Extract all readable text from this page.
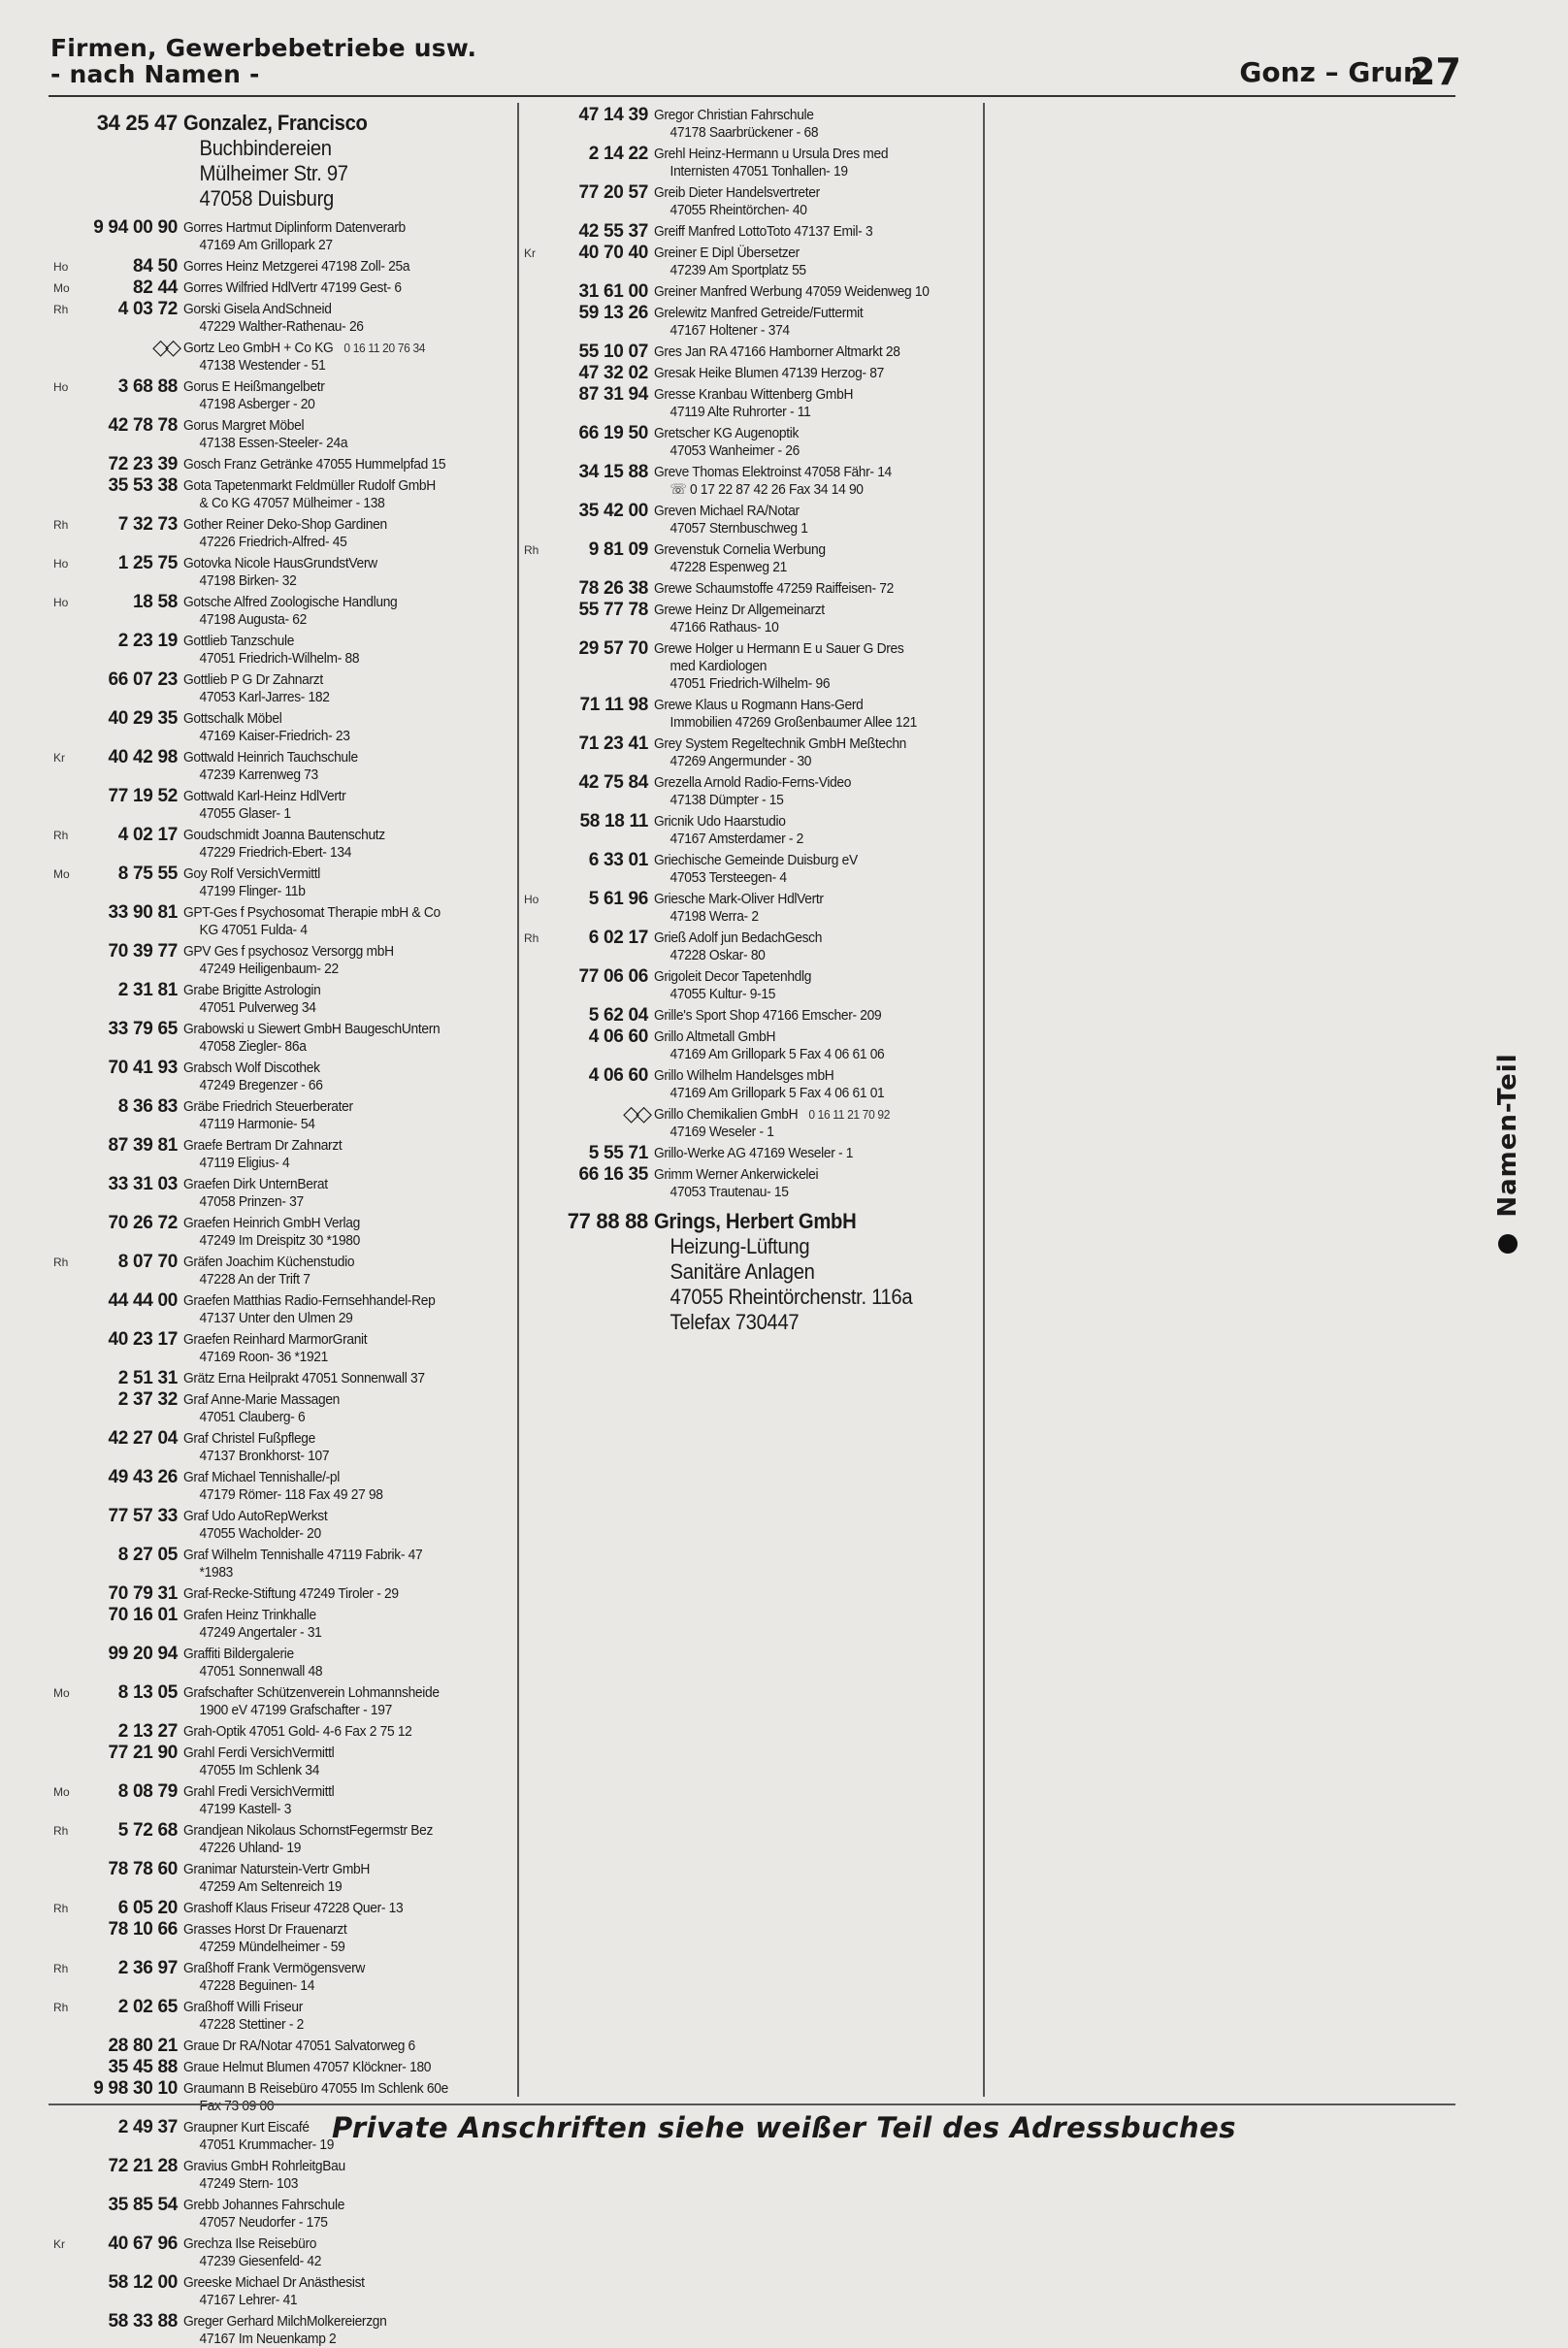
Firmen, Gewerbebetriebe usw.
- nach Namen -	Gonz – Grun
27
34 25 47 Gonzalez, Francisco
Buchbindereien
Mülheimer Str. 97
47058 Duisburg
9 94 00 90 Gorres Hartmut Diplinform Datenverarb
47169 Am Grillopark 27
Ho	84 50 Gorres Heinz Metzgerei 47198 Zoll- 25a
Mo	82 44 Gorres Wilfried HdlVertr 47199 Gest- 6
Rh	4 03 72 Gorski Gisela AndSchneid
47229 Walther-Rathenau- 26
◇◇ Gortz Leo GmbH + Co KG 0 16 11 20 76 34
47138 Westender - 51
Ho	3 68 88 Gorus E Heißmangelbetr
47198 Asberger - 20
42 78 78 Gorus Margret Möbel
47138 Essen-Steeler- 24a
72 23 39 Gosch Franz Getränke 47055 Hummelpfad 15
35 53 38 Gota Tapetenmarkt Feldmüller Rudolf GmbH
& Co KG 47057 Mülheimer - 138
Rh	7 32 73 Gother Reiner Deko-Shop Gardinen
47226 Friedrich-Alfred- 45
Ho	1 25 75 Gotovka Nicole HausGrundstVerw
47198 Birken- 32
Ho	18 58 Gotsche Alfred Zoologische Handlung
47198 Augusta- 62
2 23 19 Gottlieb Tanzschule
47051 Friedrich-Wilhelm- 88
66 07 23 Gottlieb P G Dr Zahnarzt
47053 Karl-Jarres- 182
40 29 35 Gottschalk Möbel
47169 Kaiser-Friedrich- 23
Kr	40 42 98 Gottwald Heinrich Tauchschule
47239 Karrenweg 73
77 19 52 Gottwald Karl-Heinz HdlVertr
47055 Glaser- 1
Rh	4 02 17 Goudschmidt Joanna Bautenschutz
47229 Friedrich-Ebert- 134
Mo	8 75 55 Goy Rolf VersichVermittl
47199 Flinger- 11b
33 90 81 GPT-Ges f Psychosomat Therapie mbH & Co
KG 47051 Fulda- 4
70 39 77 GPV Ges f psychosoz Versorgg mbH
47249 Heiligenbaum- 22
2 31 81 Grabe Brigitte Astrologin
47051 Pulverweg 34
33 79 65 Grabowski u Siewert GmbH BaugeschUntern
47058 Ziegler- 86a
70 41 93 Grabsch Wolf Discothek
47249 Bregenzer - 66
8 36 83 Gräbe Friedrich Steuerberater
47119 Harmonie- 54
87 39 81 Graefe Bertram Dr Zahnarzt
47119 Eligius- 4
33 31 03 Graefen Dirk UnternBerat
47058 Prinzen- 37
70 26 72 Graefen Heinrich GmbH Verlag
47249 Im Dreispitz 30 *1980
Rh	8 07 70 Gräfen Joachim Küchenstudio
47228 An der Trift 7
44 44 00 Graefen Matthias Radio-Fernsehhandel-Rep
47137 Unter den Ulmen 29
40 23 17 Graefen Reinhard MarmorGranit
47169 Roon- 36 *1921
2 51 31 Grätz Erna Heilprakt 47051 Sonnenwall 37
2 37 32 Graf Anne-Marie Massagen
47051 Clauberg- 6
42 27 04 Graf Christel Fußpflege
47137 Bronkhorst- 107
49 43 26 Graf Michael Tennishalle/-pl
47179 Römer- 118 Fax 49 27 98
77 57 33 Graf Udo AutoRepWerkst
47055 Wacholder- 20
8 27 05 Graf Wilhelm Tennishalle 47119 Fabrik- 47
*1983
70 79 31 Graf-Recke-Stiftung 47249 Tiroler - 29
70 16 01 Grafen Heinz Trinkhalle
47249 Angertaler - 31
99 20 94 Graffiti Bildergalerie
47051 Sonnenwall 48
Mo	8 13 05 Grafschafter Schützenverein Lohmannsheide
1900 eV 47199 Grafschafter - 197
2 13 27 Grah-Optik 47051 Gold- 4-6 Fax 2 75 12
77 21 90 Grahl Ferdi VersichVermittl
47055 Im Schlenk 34
Mo	8 08 79 Grahl Fredi VersichVermittl
47199 Kastell- 3
Rh	5 72 68 Grandjean Nikolaus SchornstFegermstr Bez
47226 Uhland- 19
78 78 60 Granimar Naturstein-Vertr GmbH
47259 Am Seltenreich 19
Rh	6 05 20 Grashoff Klaus Friseur 47228 Quer- 13
78 10 66 Grasses Horst Dr Frauenarzt
47259 Mündelheimer - 59
Rh	2 36 97 Graßhoff Frank Vermögensverw
47228 Beguinen- 14
Rh	2 02 65 Graßhoff Willi Friseur
47228 Stettiner - 2
28 80 21 Graue Dr RA/Notar 47051 Salvatorweg 6
35 45 88 Graue Helmut Blumen 47057 Klöckner- 180
9 98 30 10 Graumann B Reisebüro 47055 Im Schlenk 60e
Fax 73 09 00
2 49 37 Graupner Kurt Eiscafé
47051 Krummacher- 19
72 21 28 Gravius GmbH RohrleitgBau
47249 Stern- 103
35 85 54 Grebb Johannes Fahrschule
47057 Neudorfer - 175
Kr	40 67 96 Grechza Ilse Reisebüro
47239 Giesenfeld- 42
58 12 00 Greeske Michael Dr Anästhesist
47167 Lehrer- 41
58 33 88 Greger Gerhard MilchMolkereierzgn
47167 Im Neuenkamp 2
47 14 39 Gregor Christian Fahrschule
47178 Saarbrückener - 68
2 14 22 Grehl Heinz-Hermann u Ursula Dres med
Internisten 47051 Tonhallen- 19
77 20 57 Greib Dieter Handelsvertreter
47055 Rheintörchen- 40
42 55 37 Greiff Manfred LottoToto 47137 Emil- 3
Kr	40 70 40 Greiner E Dipl Übersetzer
47239 Am Sportplatz 55
31 61 00 Greiner Manfred Werbung 47059 Weidenweg 10
59 13 26 Grelewitz Manfred Getreide/Futtermit
47167 Holtener - 374
55 10 07 Gres Jan RA 47166 Hamborner Altmarkt 28
47 32 02 Gresak Heike Blumen 47139 Herzog- 87
87 31 94 Gresse Kranbau Wittenberg GmbH
47119 Alte Ruhrorter - 11
66 19 50 Gretscher KG Augenoptik
47053 Wanheimer - 26
34 15 88 Greve Thomas Elektroinst 47058 Fähr- 14
☏ 0 17 22 87 42 26 Fax 34 14 90
35 42 00 Greven Michael RA/Notar
47057 Sternbuschweg 1
Rh	9 81 09 Grevenstuk Cornelia Werbung
47228 Espenweg 21
78 26 38 Grewe Schaumstoffe 47259 Raiffeisen- 72
55 77 78 Grewe Heinz Dr Allgemeinarzt
47166 Rathaus- 10
29 57 70 Grewe Holger u Hermann E u Sauer G Dres
med Kardiologen
47051 Friedrich-Wilhelm- 96
71 11 98 Grewe Klaus u Rogmann Hans-Gerd
Immobilien 47269 Großenbaumer Allee 121
71 23 41 Grey System Regeltechnik GmbH Meßtechn
47269 Angermunder - 30
42 75 84 Grezella Arnold Radio-Ferns-Video
47138 Dümpter - 15
58 18 11 Gricnik Udo Haarstudio
47167 Amsterdamer - 2
6 33 01 Griechische Gemeinde Duisburg eV
47053 Tersteegen- 4
Ho	5 61 96 Griesche Mark-Oliver HdlVertr
47198 Werra- 2
Rh	6 02 17 Grieß Adolf jun BedachGesch
47228 Oskar- 80
77 06 06 Grigoleit Decor Tapetenhdlg
47055 Kultur- 9-15
5 62 04 Grille's Sport Shop 47166 Emscher- 209
4 06 60 Grillo Altmetall GmbH
47169 Am Grillopark 5 Fax 4 06 61 06
4 06 60 Grillo Wilhelm Handelsges mbH
47169 Am Grillopark 5 Fax 4 06 61 01
◇◇ Grillo Chemikalien GmbH 0 16 11 21 70 92
47169 Weseler - 1
5 55 71 Grillo-Werke AG 47169 Weseler - 1
66 16 35 Grimm Werner Ankerwickelei
47053 Trautenau- 15
77 88 88 Grings, Herbert GmbH
Heizung-Lüftung
Sanitäre Anlagen
47055 Rheintörchenstr. 116a
Telefax 730447
Namen-Teil
Private Anschriften siehe weißer Teil des Adressbuches
